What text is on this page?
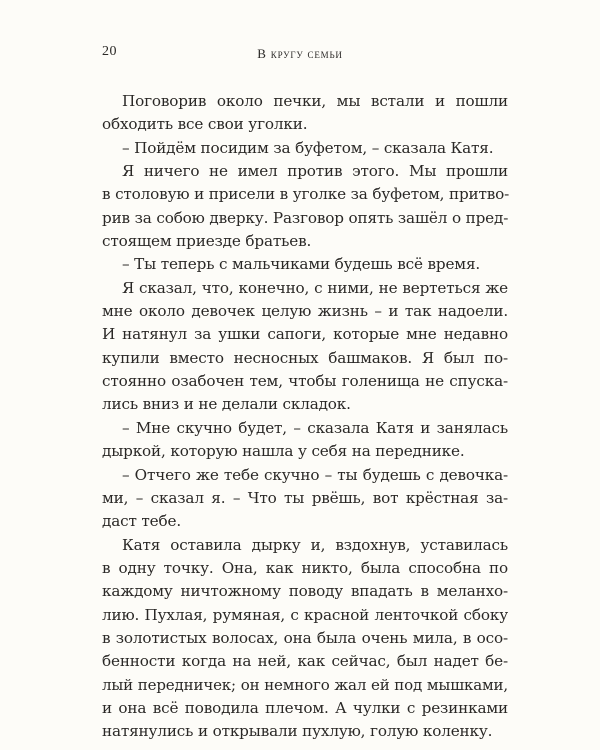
20	В кругу семьи
Поговорив около печки, мы встали и пошли
обходить все свои уголки.
– Пойдём посидим за буфетом, – сказала Катя.
Я ничего не имел против этого. Мы прошли
в столовую и присели в уголке за буфетом, притво-
рив за собою дверку. Разговор опять зашёл о пред-
стоящем приезде братьев.
– Ты теперь с мальчиками будешь всё время.
Я сказал, что, конечно, с ними, не вертеться же
мне около девочек целую жизнь – и так надоели.
И натянул за ушки сапоги, которые мне недавно
купили вместо несносных башмаков. Я был по-
стоянно озабочен тем, чтобы голенища не спуска-
лись вниз и не делали складок.
– Мне скучно будет, – сказала Катя и занялась
дыркой, которую нашла у себя на переднике.
– Отчего же тебе скучно – ты будешь с девочка-
ми, – сказал я. – Что ты рвёшь, вот крёстная за-
даст тебе.
Катя оставила дырку и, вздохнув, уставилась
в одну точку. Она, как никто, была способна по
каждому ничтожному поводу впадать в меланхо-
лию. Пухлая, румяная, с красной ленточкой сбоку
в золотистых волосах, она была очень мила, в осо-
бенности когда на ней, как сейчас, был надет бе-
лый передничек; он немного жал ей под мышками,
и она всё поводила плечом. А чулки с резинками
натянулись и открывали пухлую, голую коленку.
